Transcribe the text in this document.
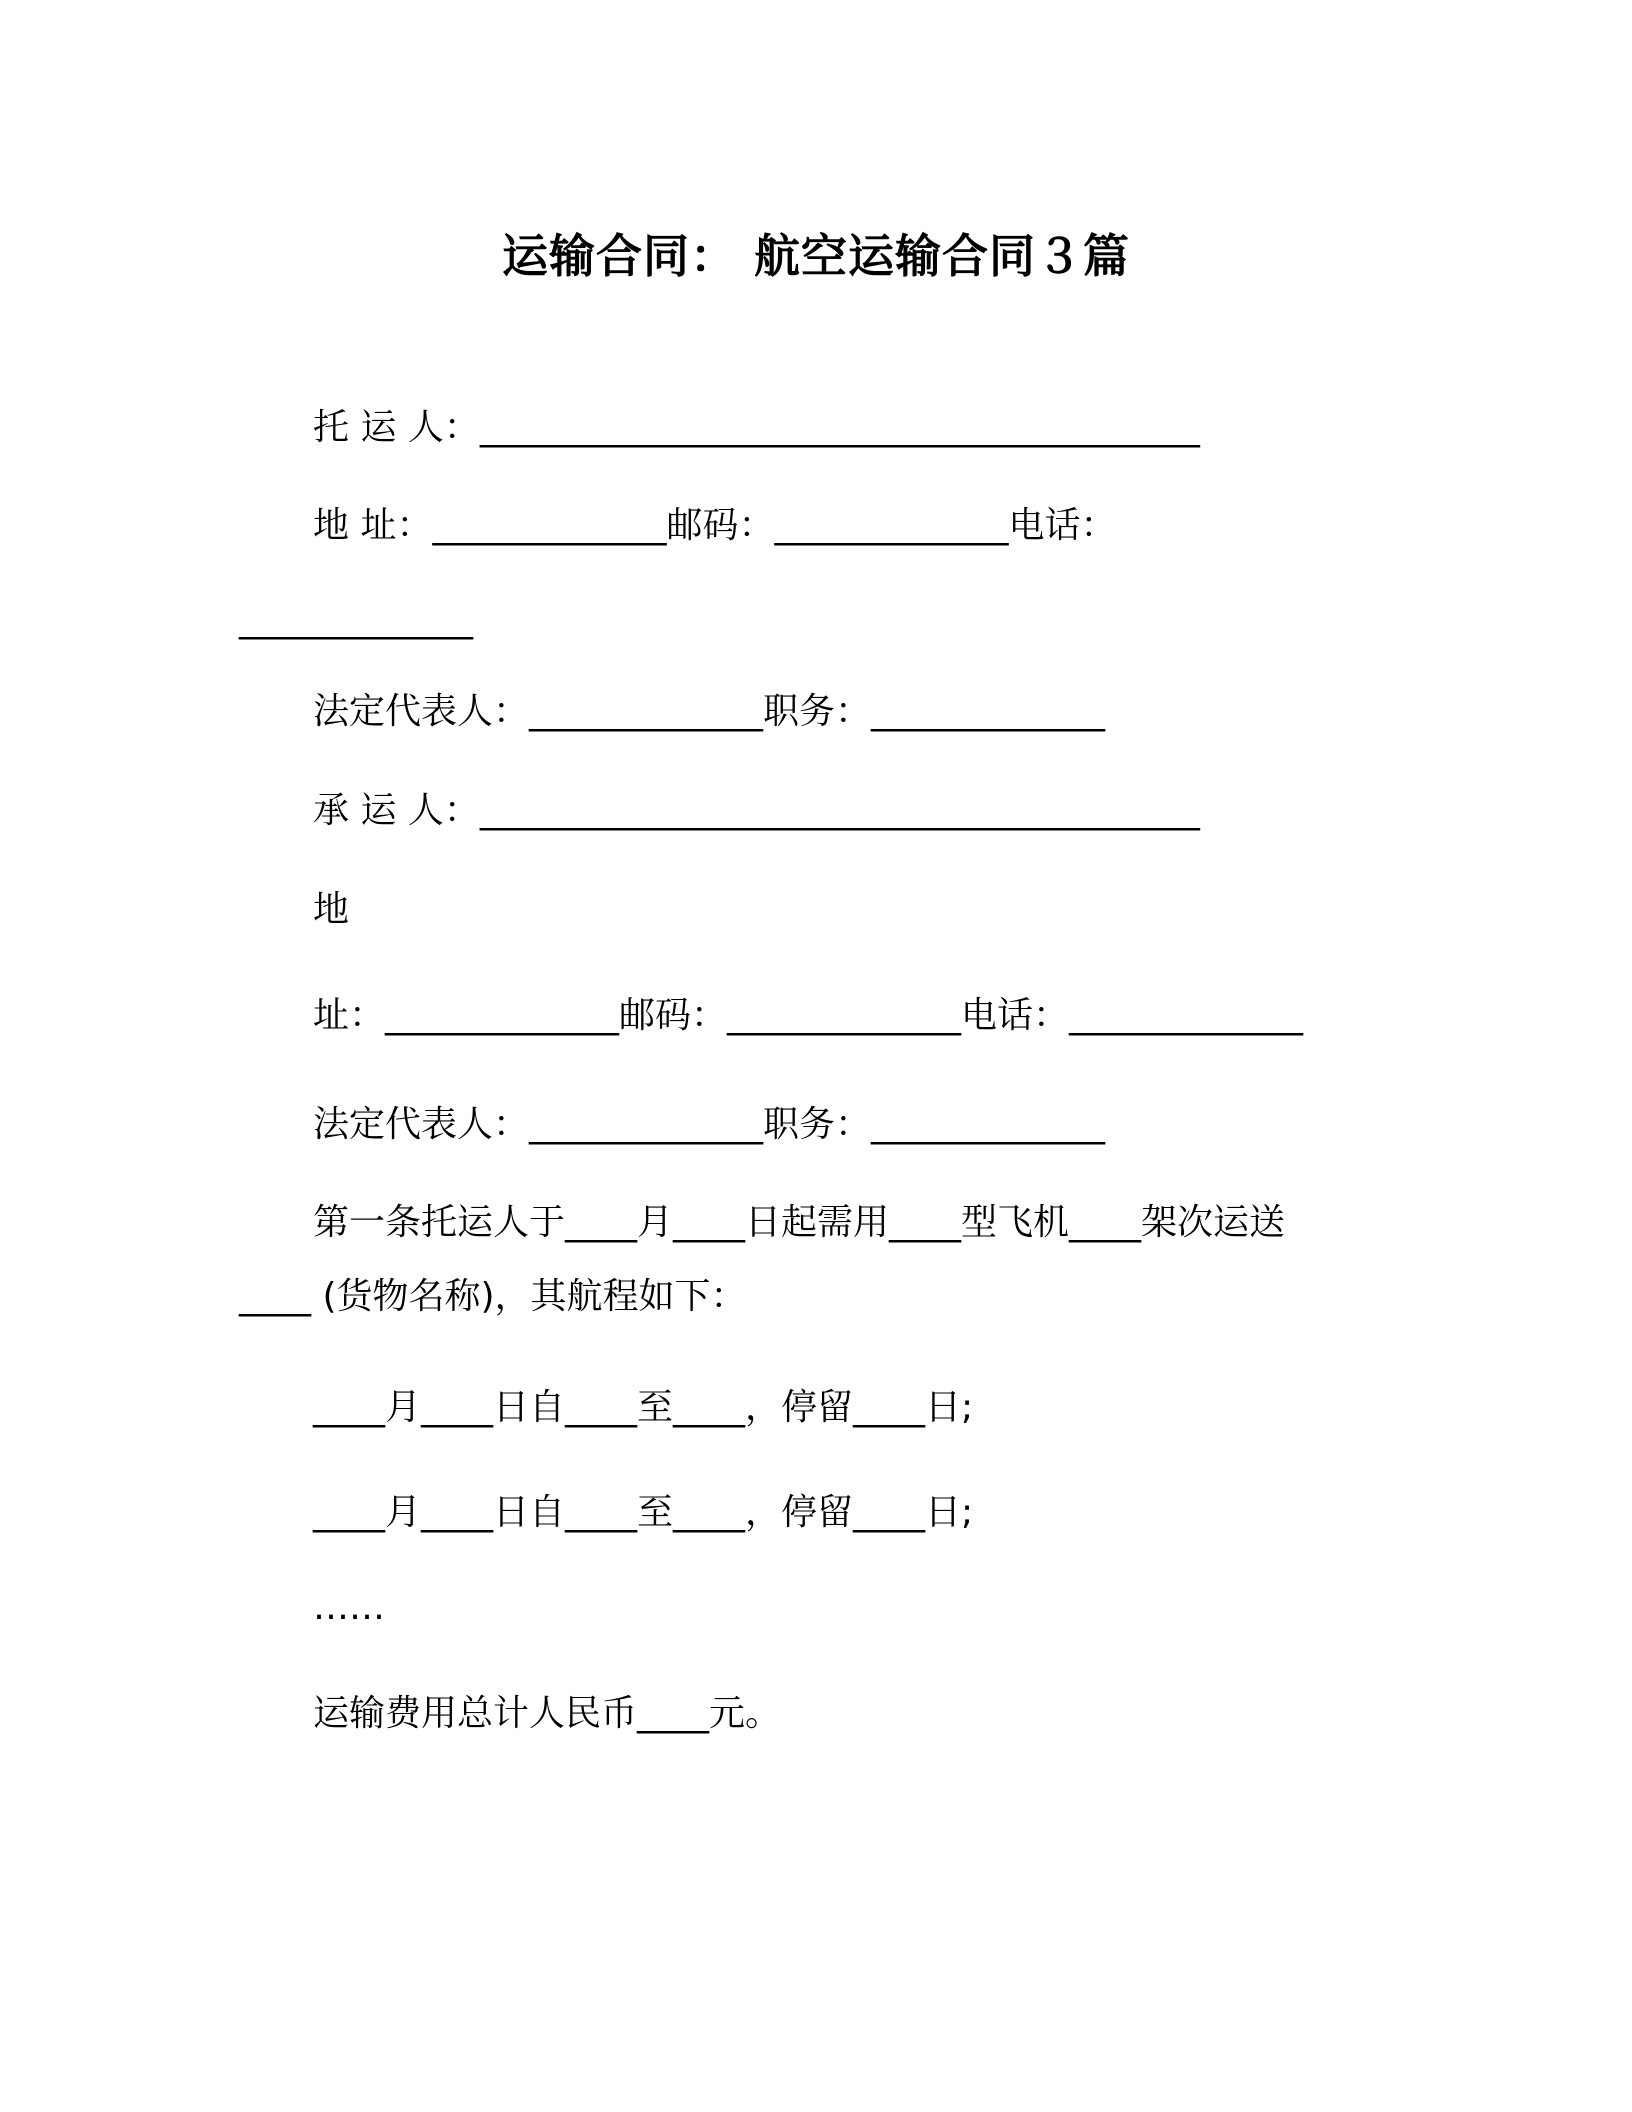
运输合同： 航空运输合同３篇
托 运 人：________________________________________
地 址：_____________邮码：_____________电话：
_____________
法定代表人：_____________职务：_____________
承 运 人：________________________________________
地
址：_____________邮码：_____________电话：_____________
法定代表人：_____________职务：_____________
第一条托运人于____月____日起需用____型飞机____架次运送
____ (货物名称)，其航程如下：
____月____日自____至____，停留____日;
____月____日自____至____，停留____日;
……
运输费用总计人民币____元。
